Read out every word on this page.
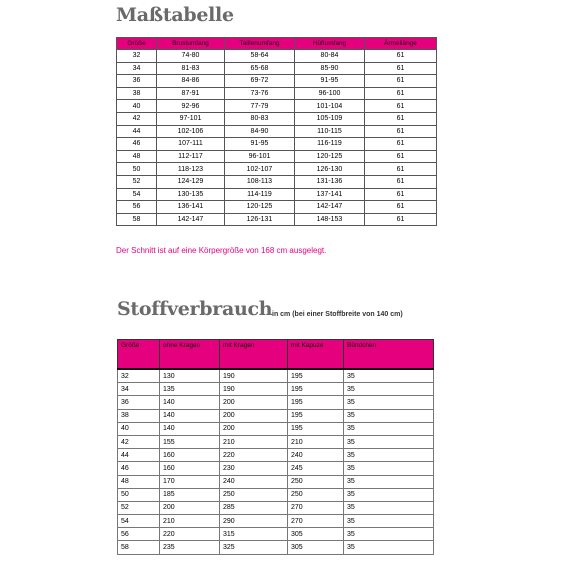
Maßtabelle
Größe	Brustumfang	Taillenumfang	Hüftumfang	Ärmellänge
32	74-80	58-64	80-84	61
34	81-83	65-68	85-90	61
36	84-86	69-72	91-95	61
38	87-91	73-76	96-100	61
40	92-96	77-79	101-104	61
42	97-101	80-83	105-109	61
44	102-106	84-90	110-115	61
46	107-111	91-95	116-119	61
48	112-117	96-101	120-125	61
50	118-123	102-107	126-130	61
52	124-129	108-113	131-136	61
54	130-135	114-119	137-141	61
56	136-141	120-125	142-147	61
58	142-147	126-131	148-153	61
Der Schnitt ist auf eine Körpergröße von 168 cm ausgelegt.
Stoffverbrauch in cm (bei einer Stoffbreite von 140 cm)
Größe	ohne Kragen	mit Kragen	mit Kapuze	Bündchen
32	130	190	195	35
34	135	190	195	35
36	140	200	195	35
38	140	200	195	35
40	140	200	195	35
42	155	210	210	35
44	160	220	240	35
46	160	230	245	35
48	170	240	250	35
50	185	250	250	35
52	200	285	270	35
54	210	290	270	35
56	220	315	305	35
58	235	325	305	35
